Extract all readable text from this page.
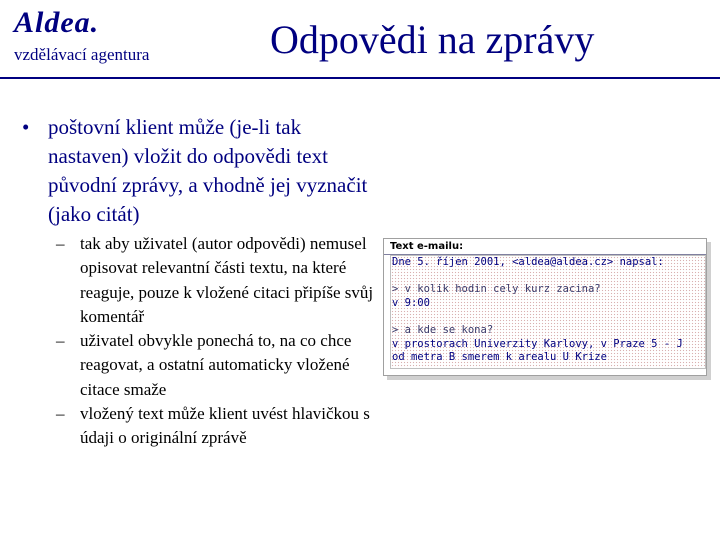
Aldea.
vzdělávací agentura	Odpovědi na zprávy
• poštovní klient může (je-li tak nastaven) vložit do odpovědi text původní zprávy, a vhodně jej vyznačit (jako citát)
– tak aby uživatel (autor odpovědi) nemusel opisovat relevantní části textu, na které reaguje, pouze k vložené citaci připíše svůj komentář
– uživatel obvykle ponechá to, na co chce reagovat, a ostatní automaticky vložené citace smaže
– vložený text může klient uvést hlavičkou s údaji o originální zprávě
Text e-mailu:
Dne 5. říjen 2001, <aldea@aldea.cz> napsal:

> v kolik hodin cely kurz zacina?
v 9:00

> a kde se kona?
v prostorach Univerzity Karlovy, v Praze 5 - J
od metra B smerem k arealu U Krize
